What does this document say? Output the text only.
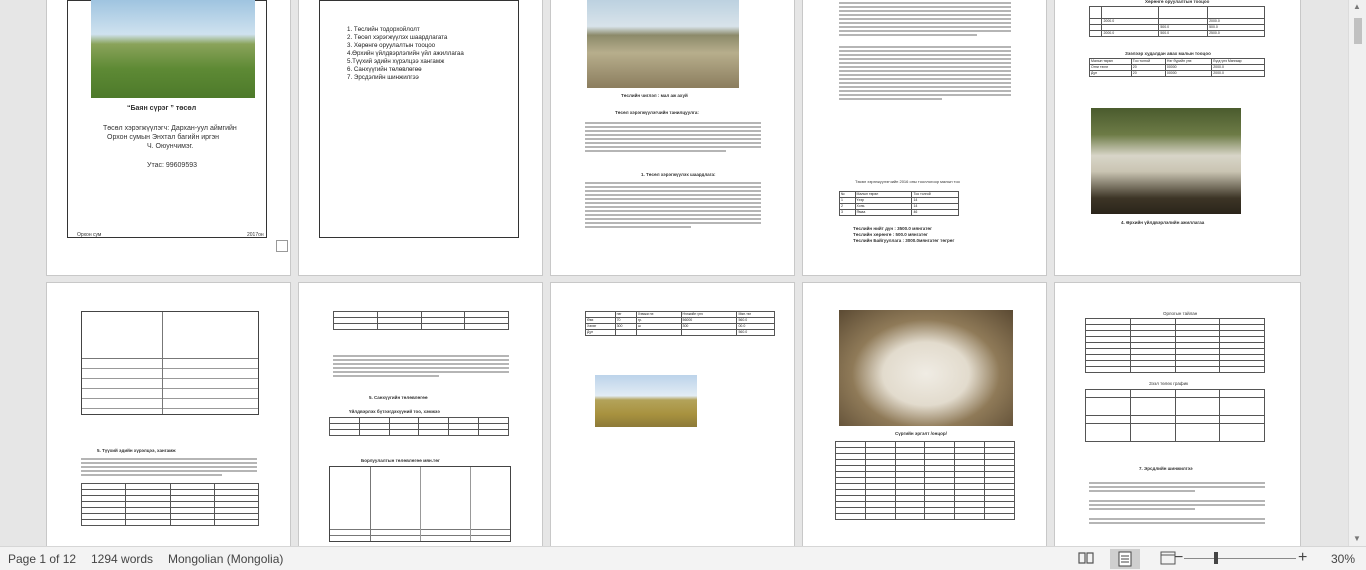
“Баян сүрэг ” төсөл
Төсөл хэрэгжүүлэгч: Дархан-уул аймгийн
Орхон сумын Энхтал багийн иргэн
Ч. Оюунчимэг.
Утас: 99609593
Орхон сум	2017он
1. Төслийн тодорхойлолт
2. Төсөл хэрэгжүүлэх шаардлагата
3. Хөрөнгө оруулалтын тооцоо
4.Өрхийн үйлдвэрлэлийн үйл ажиллагаа
5.Түүхий эдийн хүрэлцээ хангамж
6. Санхүүгийн төлөвлөгөө
7. Эрсдэлийн шинжилгээ
Төслийн чиглэл : мал аж ахуй
Төсөл хэрэгжүүлэгчийн танилцуулга:
1. Төсөл хэрэгжүүлэх шаардлага:
Төсөл хэрэгжүүлэгчийн 2016 оны тооллогоор малын тоо
№	Малын төрөл	Тоо толгой
1	Үхэр	14
2	Хонь	14
3	Ямаа	46
Төслийн нийт дүн : 3500.0 мянгатөг
Төслийн хөрөнгө : 500.0 мянгатөг
Төслийн Байгууллага : 3000.0мянгатөг төгрөг
Хөрөнгө оруулалтын тооцоо

	2000.0		2000.0
		500.0	500.0
	2000.0	500.0	2500.0
Зээлээр худалдан авах малын тооцоо
Малын төрөл	Тоо толгой	Нэг бүрийн үнэ	Бүгд үнэ Мянгаар
Огни тэхэг	20	00000	2000.0
Дүн	20	00000	2000.0
4. Өрхийн үйлдвэрлэлийн ажиллагаа
5. Түүхий эдийн хүрэлцээ, хангамж

5. Санхүүгийн төлөвлөгөө
Үйлдвэрлэх бүтээгдэхүүний тоо, хэмжээ

Борлуулалтын төлөвлөгөө мян.төг
	нэг	Хэмжи нэ	Нэгжийн үнэ	Мян.төг
Өөх	70	гр.	56000	560.0
Хөхөг	300	ш	300	00.0
Дүн				560.0
Сүргийн эргэлт /онцор/

Орлогын тайлан

Зээл төлөх график

7. Эрсдлийн шинжилгээ
▲
▼
Page 1 of 12 1294 words Mongolian (Mongolia)	−	+ 30%
